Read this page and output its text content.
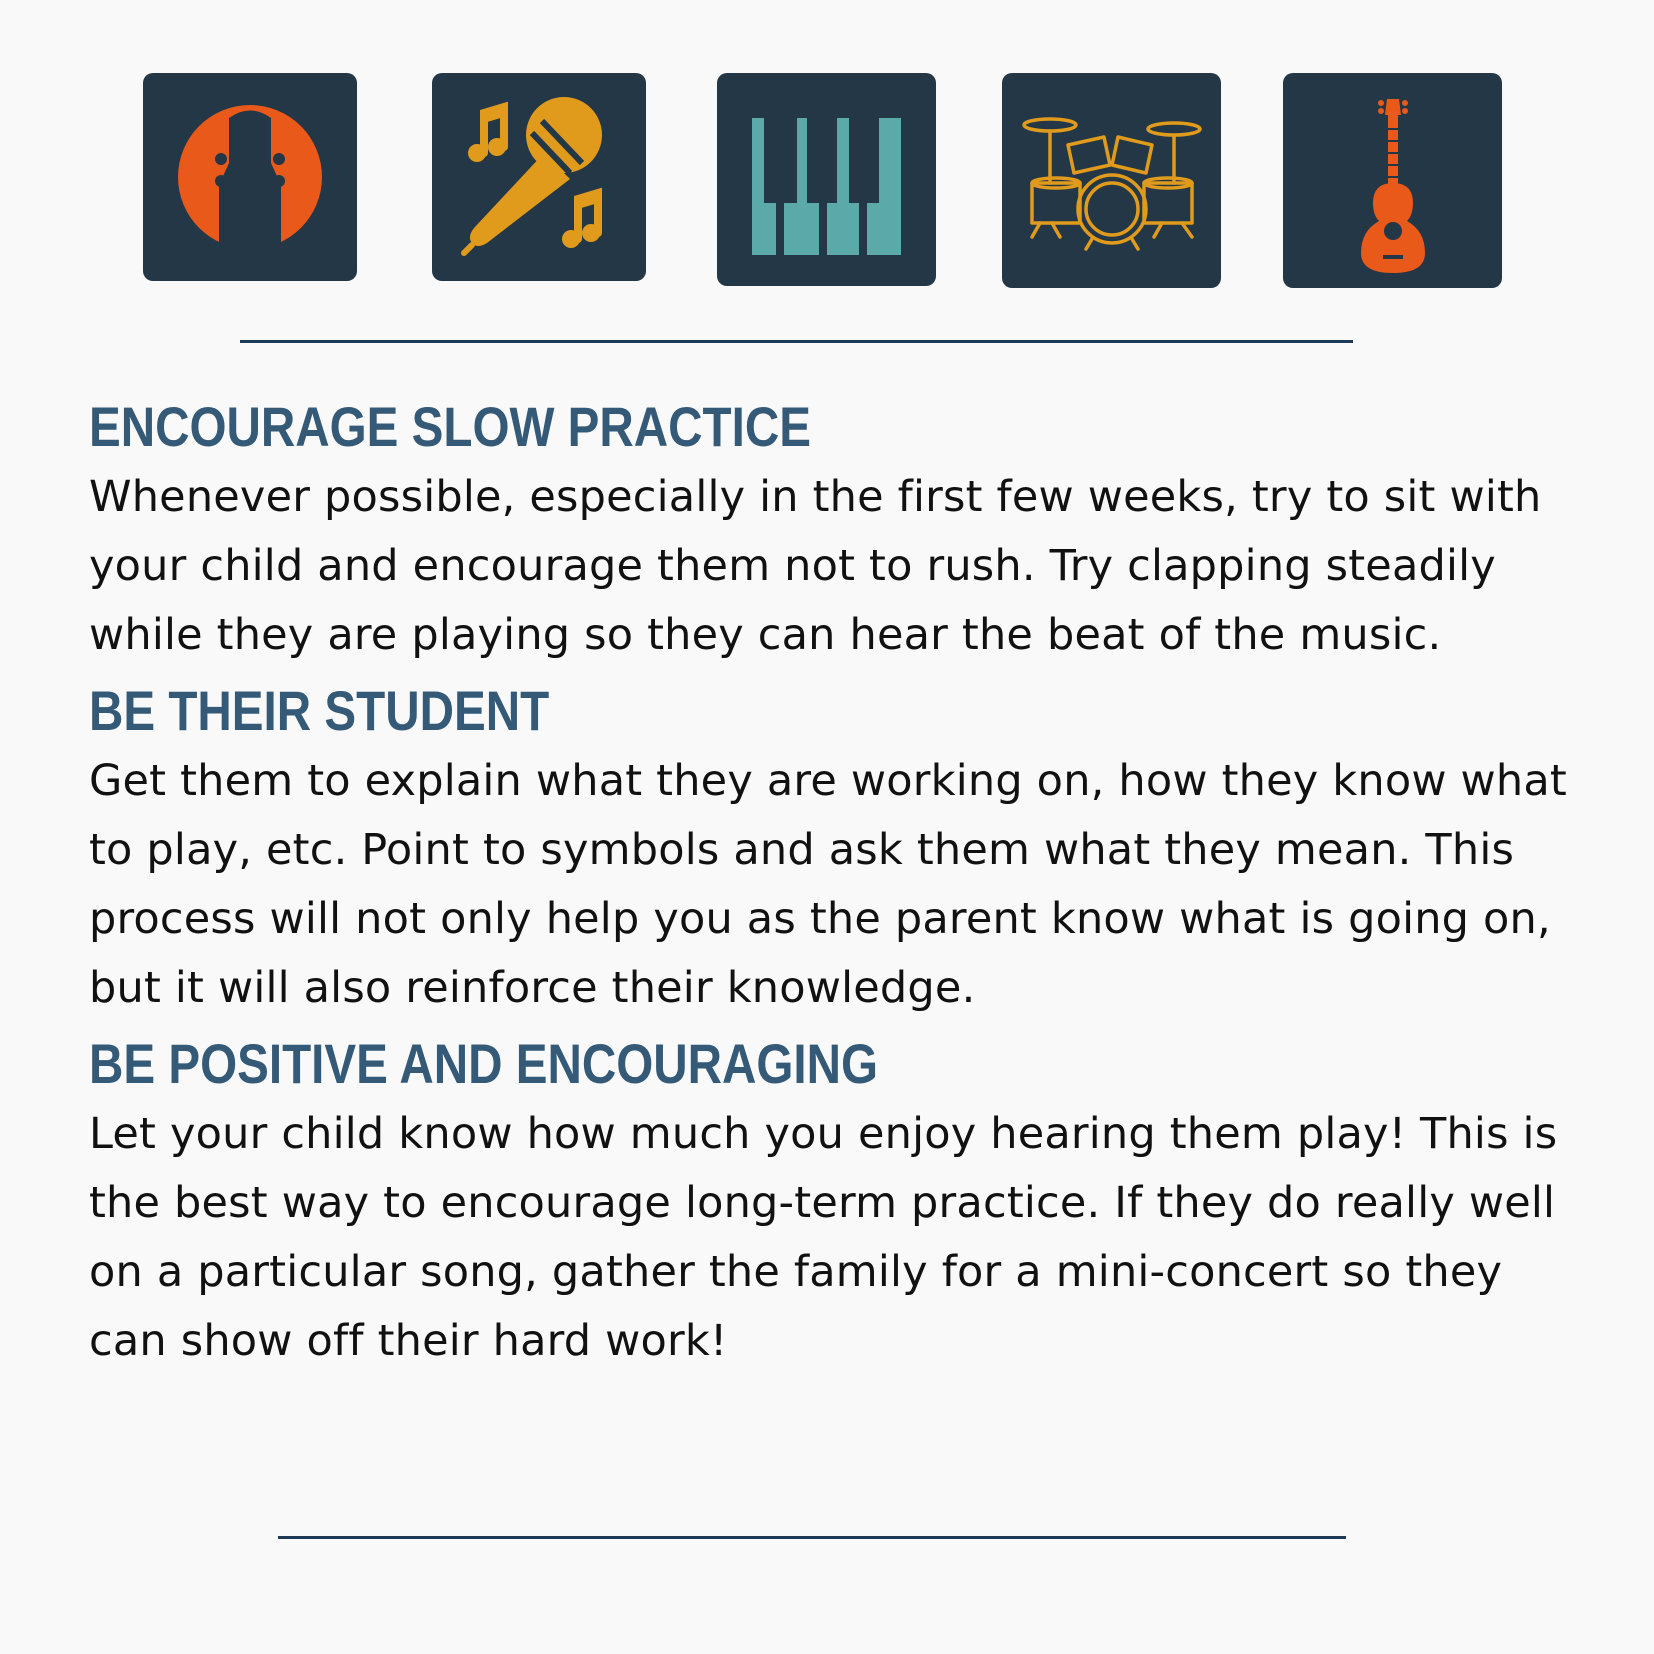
ENCOURAGE SLOW PRACTICE

Whenever possible, especially in the first few weeks, try to sit with your child and encourage them not to rush. Try clapping steadily while they are playing so they can hear the beat of the music.

BE THEIR STUDENT

Get them to explain what they are working on, how they know what to play, etc. Point to symbols and ask them what they mean. This process will not only help you as the parent know what is going on, but it will also reinforce their knowledge.

BE POSITIVE AND ENCOURAGING

Let your child know how much you enjoy hearing them play! This is the best way to encourage long-term practice. If they do really well on a particular song, gather the family for a mini-concert so they can show off their hard work!
